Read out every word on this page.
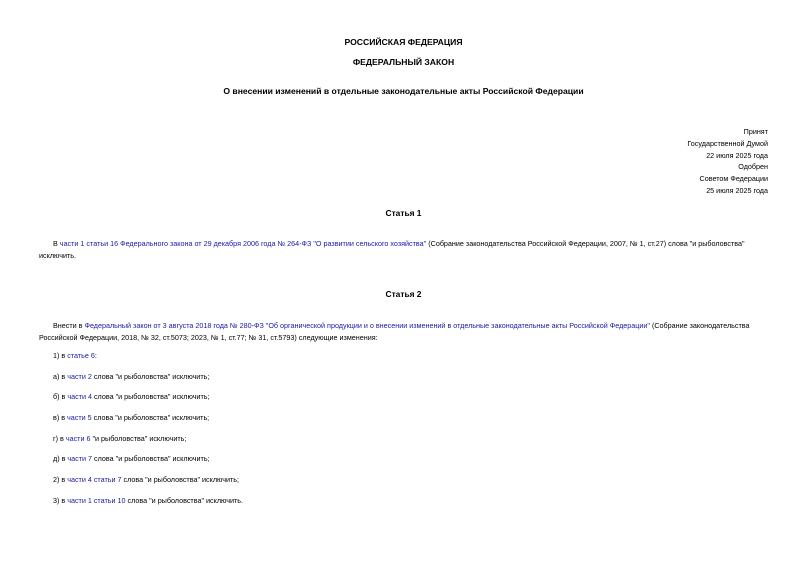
РОССИЙСКАЯ ФЕДЕРАЦИЯ
ФЕДЕРАЛЬНЫЙ ЗАКОН
О внесении изменений в отдельные законодательные акты Российской Федерации
Принят
Государственной Думой
22 июля 2025 года
Одобрен
Советом Федерации
25 июля 2025 года
Статья 1
В части 1 статьи 16 Федерального закона от 29 декабря 2006 года № 264-ФЗ "О развитии сельского хозяйства" (Собрание законодательства Российской Федерации, 2007, № 1, ст.27) слова "и рыболовства" исключить.
Статья 2
Внести в Федеральный закон от 3 августа 2018 года № 280-ФЗ "Об органической продукции и о внесении изменений в отдельные законодательные акты Российской Федерации" (Собрание законодательства Российской Федерации, 2018, № 32, ст.5073; 2023, № 1, ст.77; № 31, ст.5793) следующие изменения:
1) в статье 6:
а) в части 2 слова "и рыболовства" исключить;
б) в части 4 слова "и рыболовства" исключить;
в) в части 5 слова "и рыболовства" исключить;
г) в части 6 "и рыболовства" исключить;
д) в части 7 слова "и рыболовства" исключить;
2) в части 4 статьи 7 слова "и рыболовства" исключить;
3) в части 1 статьи 10 слова "и рыболовства" исключить.
